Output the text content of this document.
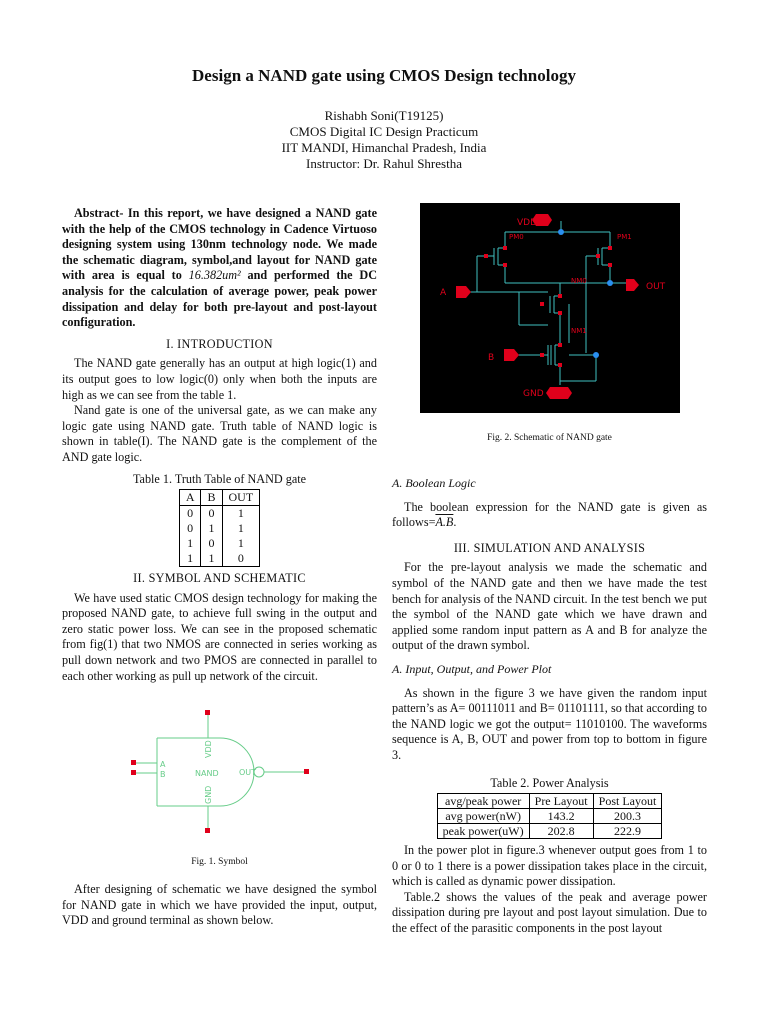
Design a NAND gate using CMOS Design technology
Rishabh Soni(T19125)
CMOS Digital IC Design Practicum
IIT MANDI, Himanchal Pradesh, India
Instructor: Dr. Rahul Shrestha

Abstract- In this report, we have designed a NAND gate with the help of the CMOS technology in Cadence Virtuoso designing system using 130nm technology node. We made the schematic diagram, symbol,and layout for NAND gate with area is equal to 16.382um² and performed the DC analysis for the calculation of average power, peak power dissipation and delay for both pre-layout and post-layout configuration.

I. INTRODUCTION

The NAND gate generally has an output at high logic(1) and its output goes to low logic(0) only when both the inputs are high as we can see from the table 1.

Nand gate is one of the universal gate, as we can make any logic gate using NAND gate. Truth table of NAND logic is shown in table(I). The NAND gate is the complement of the AND gate logic.

Table 1. Truth Table of NAND gate
A	B	OUT
0	0	1
0	1	1
1	0	1
1	1	0
II. SYMBOL AND SCHEMATIC

We have used static CMOS design technology for making the proposed NAND gate, to achieve full swing in the output and zero static power loss. We can see in the proposed schematic from fig(1) that two NMOS are connected in series working as pull down network and two PMOS are connected in parallel to each other working as pull up network of the circuit.

A
B	NAND	OUT
VDD
GND
Fig. 1. Symbol

After designing of schematic we have designed the symbol for NAND gate in which we have provided the input, output, VDD and ground terminal as shown below.

VDD
A
B
OUT
GND
PM0	PM1
NM0
NM1
Fig. 2. Schematic of NAND gate
A. Boolean Logic

The boolean expression for the NAND gate is given as follows=A.B.

III. SIMULATION AND ANALYSIS

For the pre-layout analysis we made the schematic and symbol of the NAND gate and then we have made the test bench for analysis of the NAND circuit. In the test bench we put the symbol of the NAND gate which we have drawn and applied some random input pattern as A and B for analyze the output of the drawn symbol.

A. Input, Output, and Power Plot

As shown in the figure 3 we have given the random input pattern’s as A= 00111011 and B= 01101111, so that according to the NAND logic we got the output= 11010100. The waveforms sequence is A, B, OUT and power from top to bottom in figure 3.

Table 2. Power Analysis
avg/peak power	Pre Layout	Post Layout
avg power(nW)	143.2	200.3
peak power(uW)	202.8	222.9

In the power plot in figure.3 whenever output goes from 1 to 0 or 0 to 1 there is a power dissipation takes place in the circuit, which is called as dynamic power dissipation.

Table.2 shows the values of the peak and average power dissipation during pre layout and post layout simulation. Due to the effect of the parasitic components in the post layout
